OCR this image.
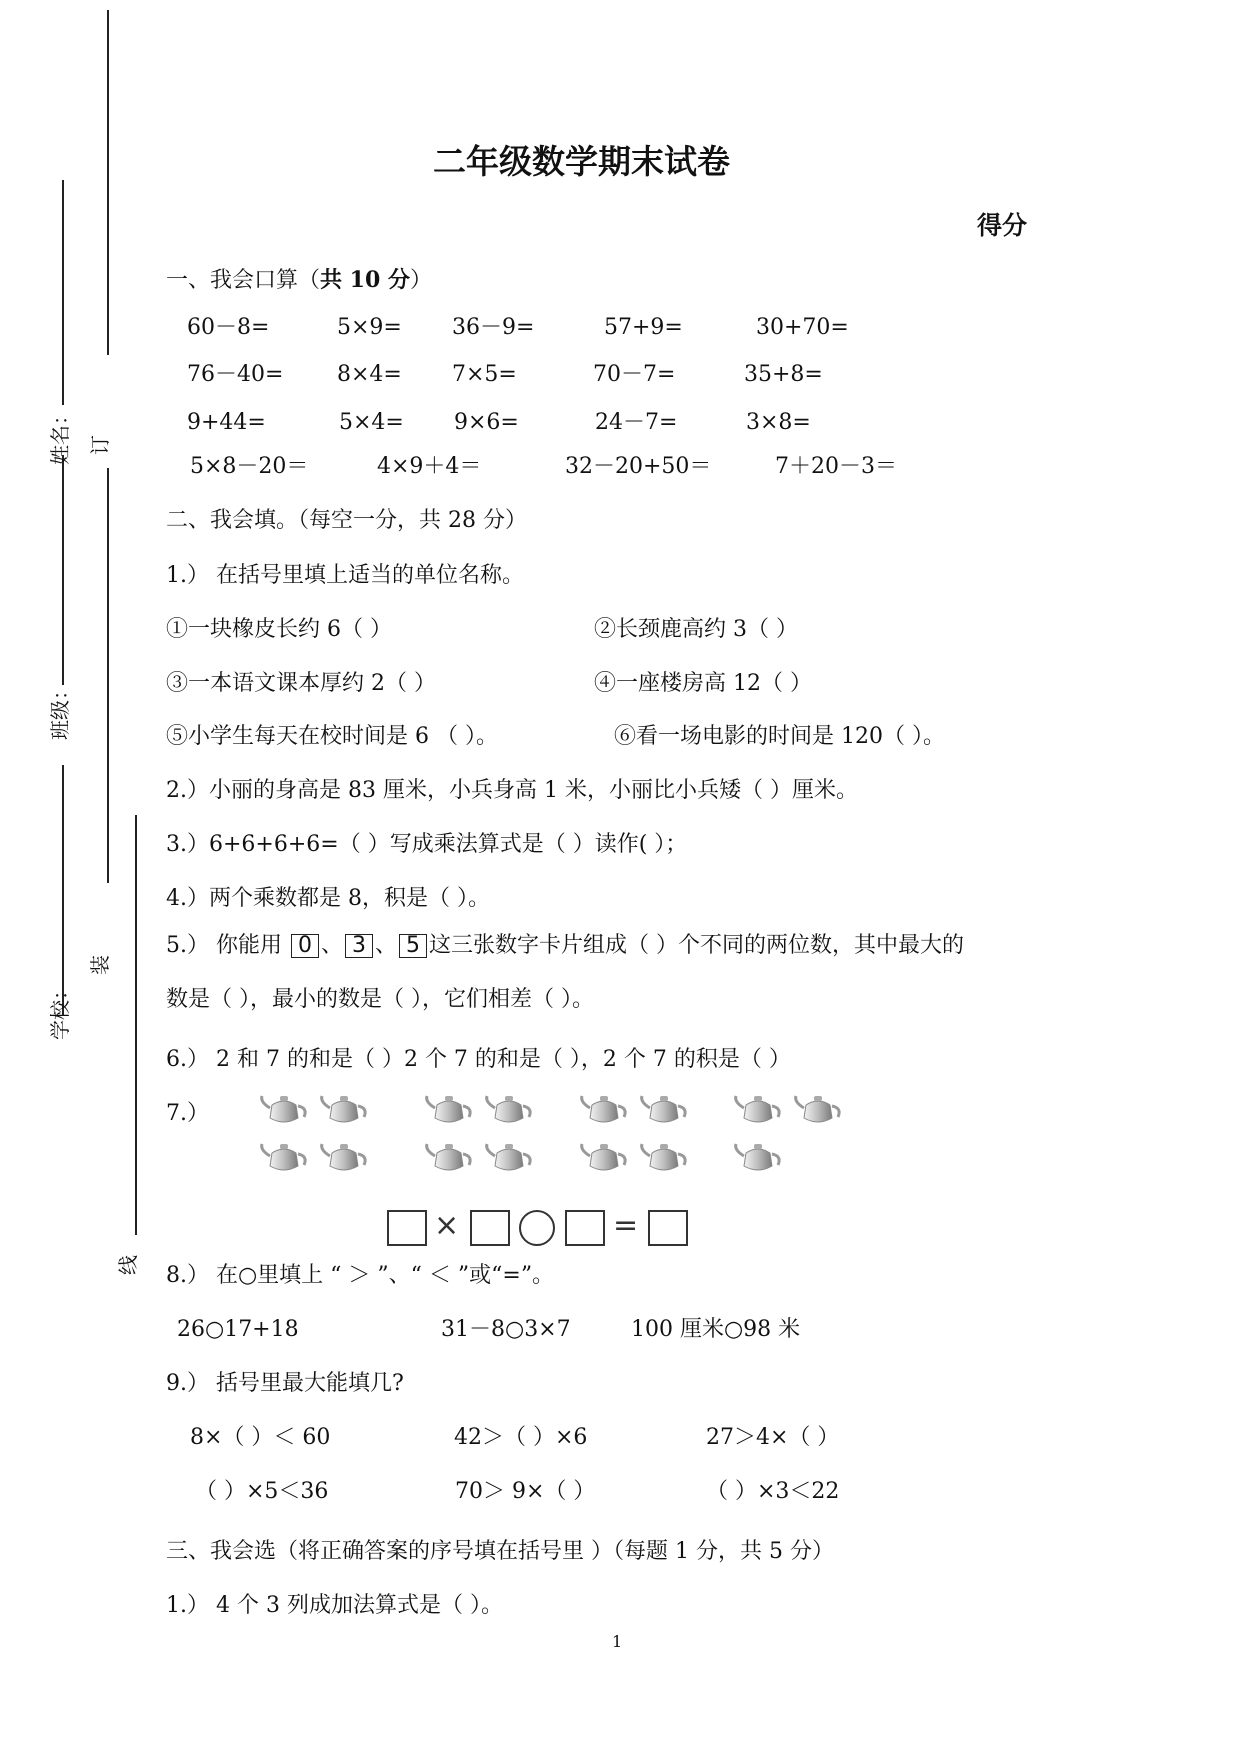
姓名：
班级：
学校：
订
装
线
二年级数学期末试卷
得分
一、我会口算（共 10 分）
60－8=	5×9= 36－9=	57+9=	30+70=
76－40= 8×4= 7×5=	70－7=	35+8=
9+44=	5×4= 9×6=	24－7=	3×8=
5×8－20＝	4×9＋4＝	32－20+50＝	7＋20－3＝
二、我会填。（每空一分，共 28 分）
1.） 在括号里填上适当的单位名称。
①一块橡皮长约 6（ ）	②长颈鹿高约 3（ ）
③一本语文课本厚约 2（ ）	④一座楼房高 12（ ）
⑤小学生每天在校时间是 6 （ ）。	⑥看一场电影的时间是 120（ ）。
2.）小丽的身高是 83 厘米，小兵身高 1 米，小丽比小兵矮（ ）厘米。
3.）6+6+6+6=（ ）写成乘法算式是（ ）读作( ）；
4.）两个乘数都是 8，积是（ ）。
5.） 你能用 0 、 3 、 5 这三张数字卡片组成（ ）个不同的两位数，其中最大的
数是（ ），最小的数是（ ），它们相差（ ）。
6.） 2 和 7 的和是（ ）2 个 7 的和是（ ），2 个 7 的积是（ ）
7.）
×	=
8.） 在○里填上 “ ＞ ”、“ ＜ ”或“=”。
26○17+18	31－8○3×7	100 厘米○98 米
9.） 括号里最大能填几?
8×（ ）＜ 60	42＞（ ）×6	27＞4×（ ）
（ ）×5＜36	70＞ 9×（ ）	（ ）×3＜22
三、我会选（将正确答案的序号填在括号里 ）（每题 1 分，共 5 分）
1.） 4 个 3 列成加法算式是（ ）。
1
